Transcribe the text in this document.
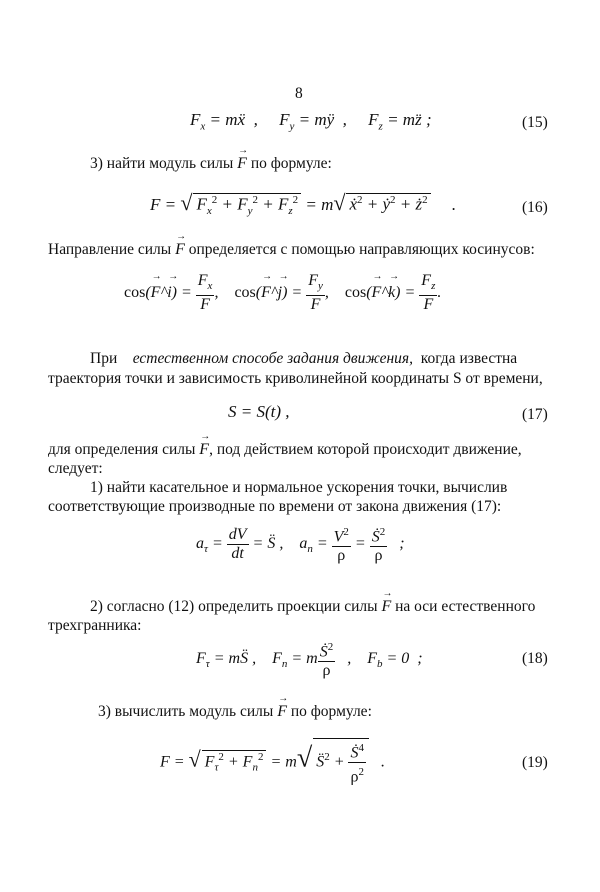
8
$F_x$ = mẍ  ,     $F_y$ = mÿ  ,     $F_z$ = mz̈ ;	(15)
3) найти модуль силы → F по формуле:
F = √ $F_x^2 + F_y^2 + F_z^2 = m√$ ẋ$^2$ + ẏ$^2$ + $ż^2$     .	(16)
Направление силы → F определяется с помощью направляющих косинусов:
cos(→ F^→ $i) = \frac{F_x}{F}$ ,    cos(→ F^→ $j) = \frac{F_y}{F}$ ,    cos(→ F^→ $k) = \frac{F_z}{F}$ .
При естественном способе задания движения, когда известна
траектория точки и зависимость криволинейной координаты S от времени,
S = S(t) ,	(17)
для определения силы → F, под действием которой происходит движение,
следует:
1) найти касательное и нормальное ускорения точки, вычислив
соответствующие производные по времени от закона движения (17):
$a_\tau = \frac{dV}{dt}$ = S̈ ,    $a_n = \frac{V^2}{\rho} = \frac{Ṡ^2}{\rho}$ ;
2) согласно (12) определить проекции силы → F на оси естественного
трехгранника:
$F_\tau$ = mS̈ ,    $F_n = m \frac{Ṡ^2}{\rho}$ ,    $F_b = 0$  ;	(18)
3) вычислить модуль силы → F по формуле:
F = √ $F_\tau^2 + F_n^2 = m√$ S̈$^2$ + $\frac{Ṡ^4}{\rho^2}$ .	(19)
